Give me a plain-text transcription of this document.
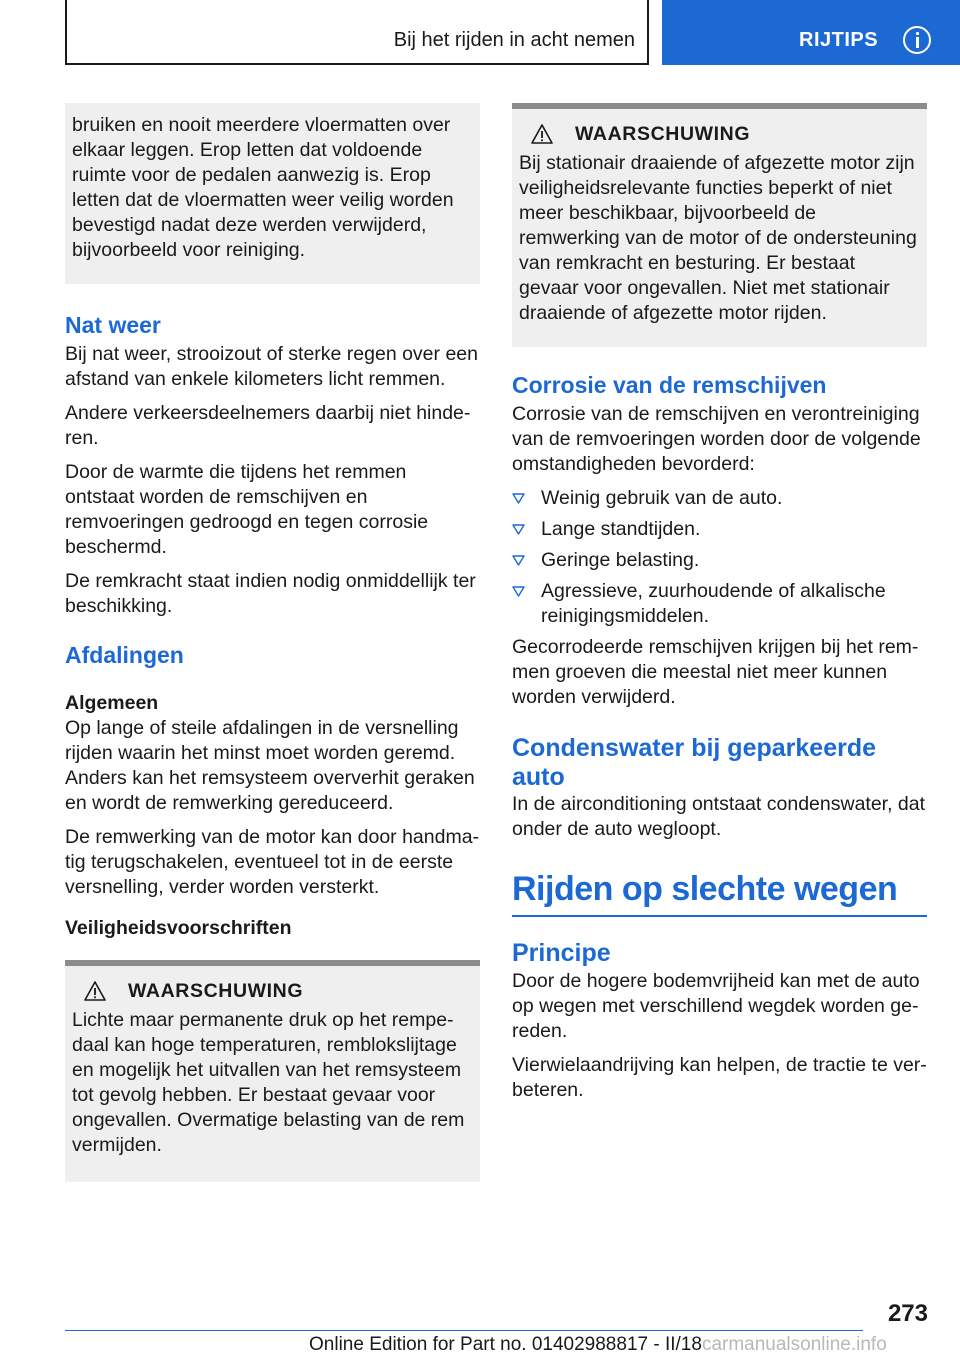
Bij het rijden in acht nemen	RIJTIPS

bruiken en nooit meerdere vloermatten over elkaar leggen. Erop letten dat voldoende ruimte voor de pedalen aanwezig is. Erop letten dat de vloermatten weer veilig worden bevestigd nadat deze werden verwijderd, bijvoorbeeld voor reiniging.

Nat weer

Bij nat weer, strooizout of sterke regen over een afstand van enkele kilometers licht remmen.

Andere verkeersdeelnemers daarbij niet hinderen.

Door de warmte die tijdens het remmen ontstaat worden de remschijven en remvoeringen gedroogd en tegen corrosie beschermd.

De remkracht staat indien nodig onmiddellijk ter beschikking.

Afdalingen
Algemeen

Op lange of steile afdalingen in de versnelling rijden waarin het minst moet worden geremd. Anders kan het remsysteem oververhit geraken en wordt de remwerking gereduceerd.

De remwerking van de motor kan door handmatig terugschakelen, eventueel tot in de eerste versnelling, verder worden versterkt.

Veiligheidsvoorschriften
WAARSCHUWING

Lichte maar permanente druk op het rempedaal kan hoge temperaturen, remblokslijtage en mogelijk het uitvallen van het remsysteem tot gevolg hebben. Er bestaat gevaar voor ongevallen. Overmatige belasting van de rem vermijden.

WAARSCHUWING

Bij stationair draaiende of afgezette motor zijn veiligheidsrelevante functies beperkt of niet meer beschikbaar, bijvoorbeeld de remwerking van de motor of de ondersteuning van remkracht en besturing. Er bestaat gevaar voor ongevallen. Niet met stationair draaiende of afgezette motor rijden.

Corrosie van de remschijven

Corrosie van de remschijven en verontreiniging van de remvoeringen worden door de volgende omstandigheden bevorderd:

Weinig gebruik van de auto.
Lange standtijden.
Geringe belasting.
Agressieve, zuurhoudende of alkalische reinigingsmiddelen.

Gecorrodeerde remschijven krijgen bij het remmen groeven die meestal niet meer kunnen worden verwijderd.

Condenswater bij geparkeerde auto

In de airconditioning ontstaat condenswater, dat onder de auto wegloopt.

Rijden op slechte wegen
Principe

Door de hogere bodemvrijheid kan met de auto op wegen met verschillend wegdek worden gereden.

Vierwielaandrijving kan helpen, de tractie te verbeteren.

273
Online Edition for Part no. 01402988817 - II/18carmanualsonline.info
